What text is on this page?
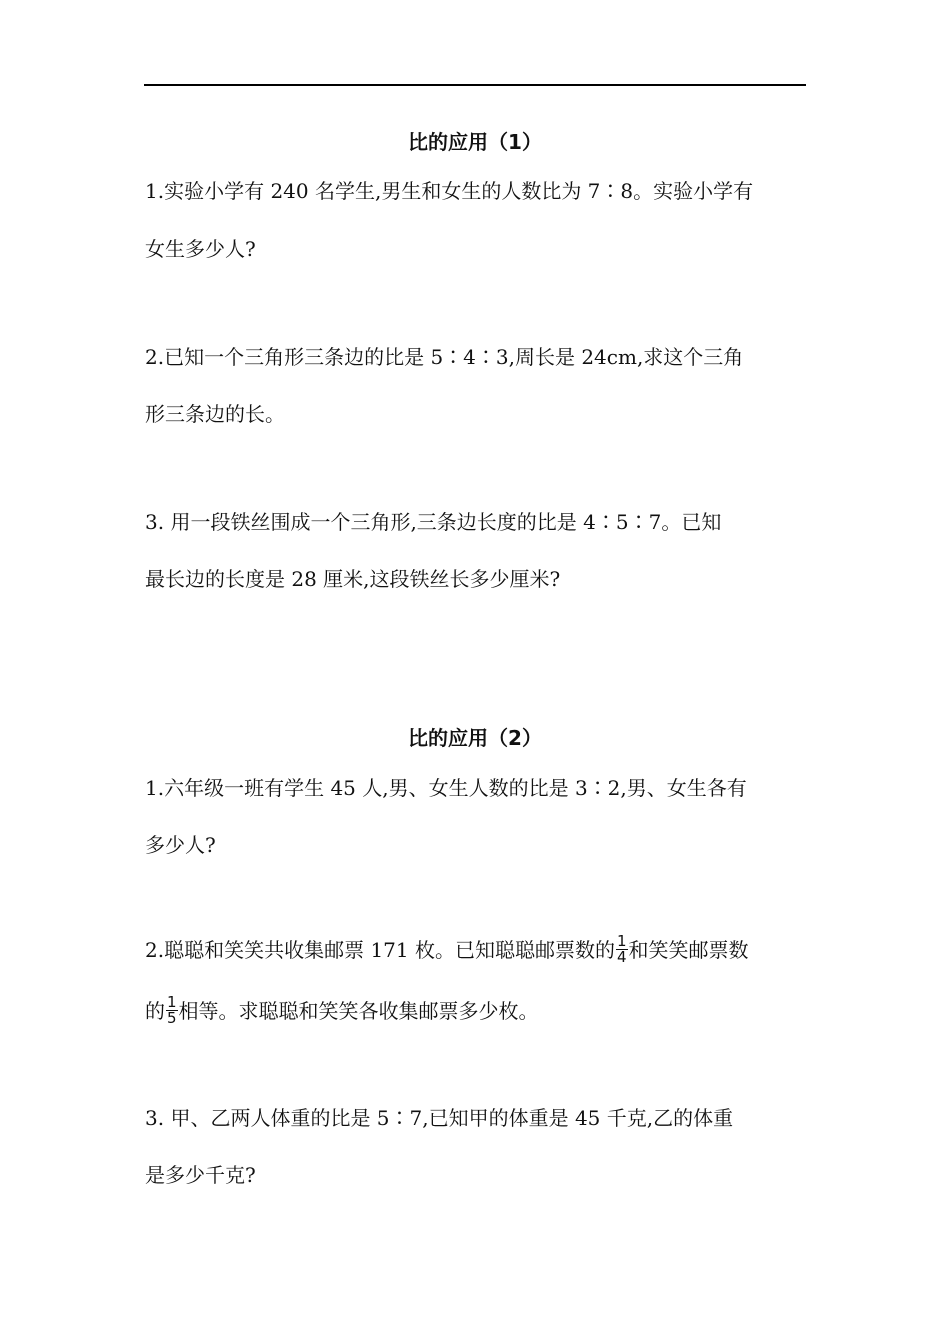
比的应用（1）
1.实验小学有 240 名学生,男生和女生的人数比为 7∶8。实验小学有
女生多少人?
2.已知一个三角形三条边的比是 5∶4∶3,周长是 24cm,求这个三角
形三条边的长。
3. 用一段铁丝围成一个三角形,三条边长度的比是 4∶5∶7。已知
最长边的长度是 28 厘米,这段铁丝长多少厘米?
比的应用（2）
1.六年级一班有学生 45 人,男、女生人数的比是 3∶2,男、女生各有
多少人?
2.聪聪和笑笑共收集邮票 171 枚。已知聪聪邮票数的 $\frac{1}{4}$ 和笑笑邮票数
的 $\frac{1}{5}$ 相等。求聪聪和笑笑各收集邮票多少枚。
3. 甲、乙两人体重的比是 5∶7,已知甲的体重是 45 千克,乙的体重
是多少千克?
